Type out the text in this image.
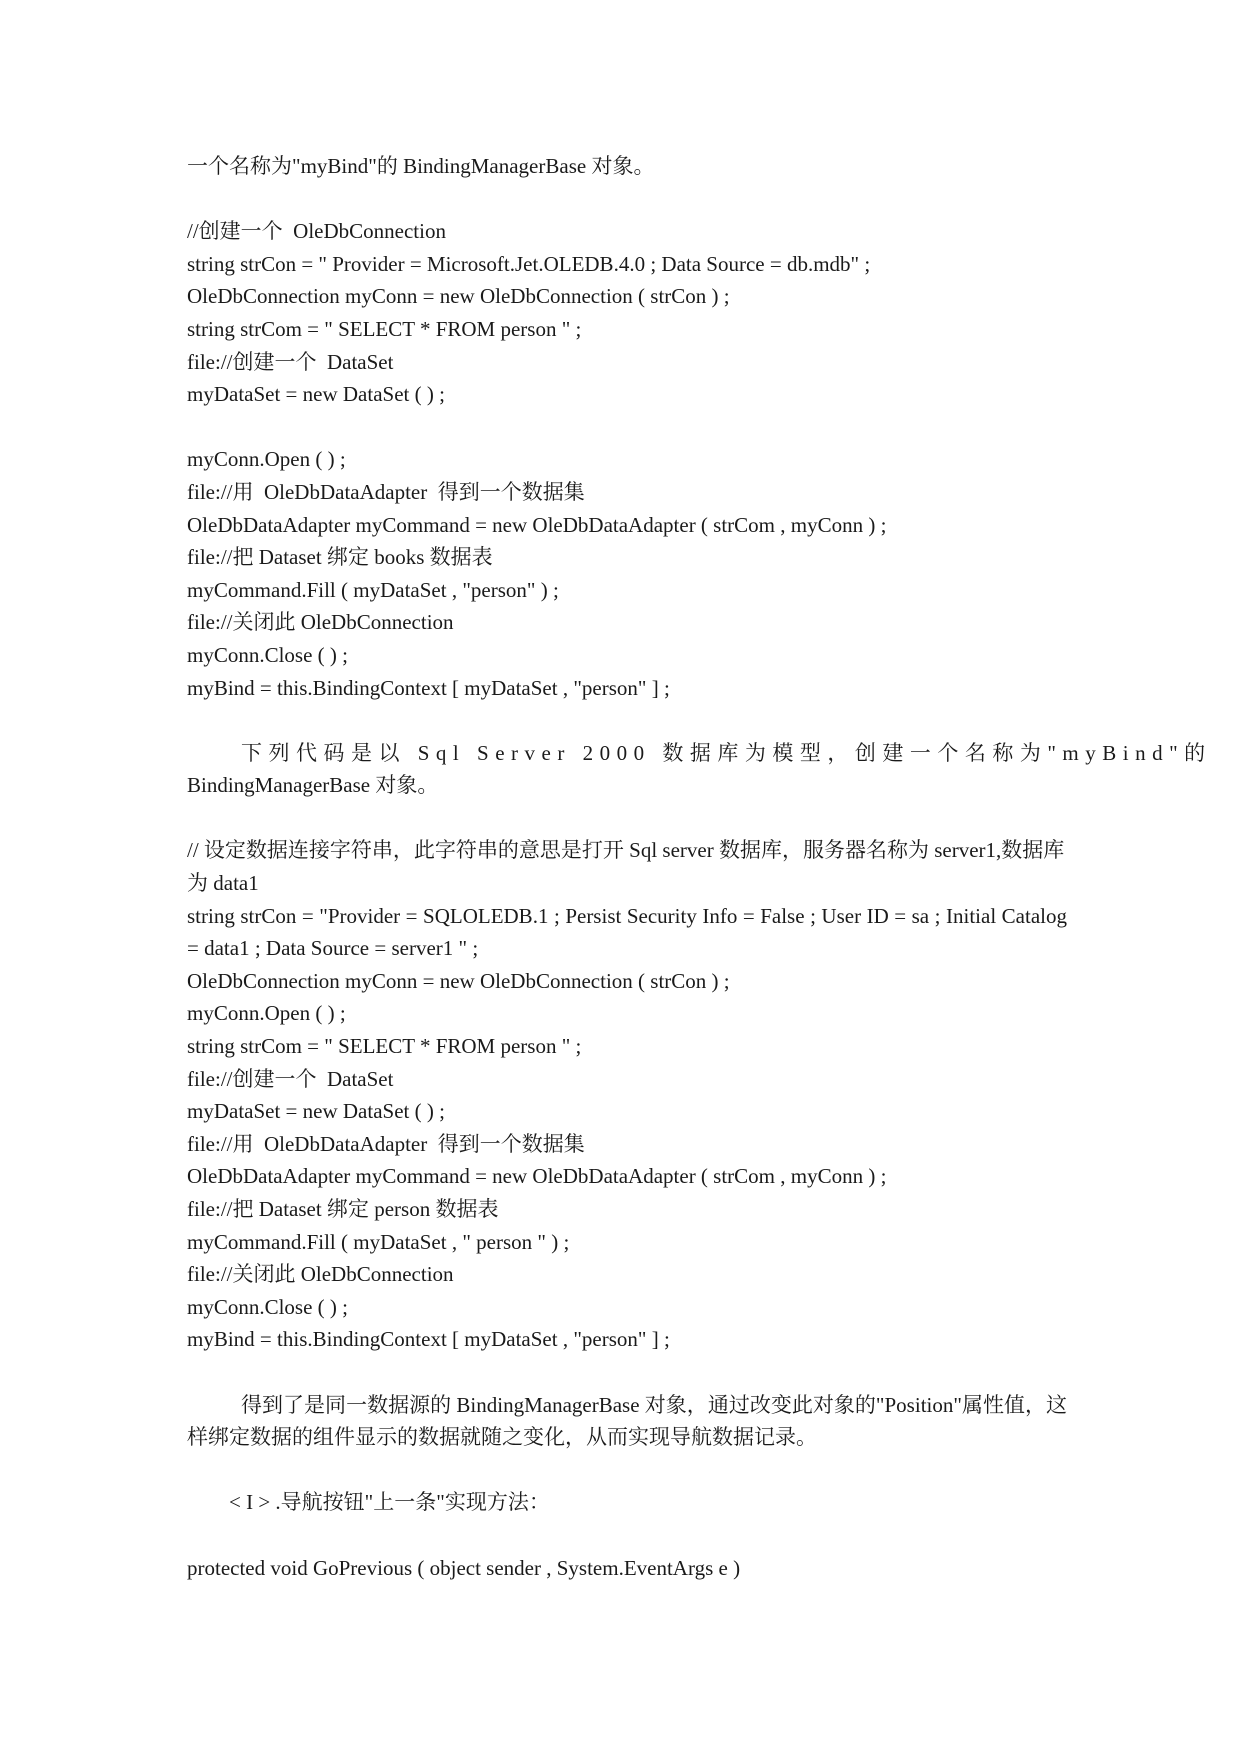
一个名称为"myBind"的 BindingManagerBase 对象。
//创建一个  OleDbConnection
string strCon = " Provider = Microsoft.Jet.OLEDB.4.0 ; Data Source = db.mdb" ;
OleDbConnection myConn = new OleDbConnection ( strCon ) ;
string strCom = " SELECT * FROM person " ;
file://创建一个  DataSet
myDataSet = new DataSet ( ) ;
myConn.Open ( ) ;
file://用  OleDbDataAdapter  得到一个数据集
OleDbDataAdapter myCommand = new OleDbDataAdapter ( strCom , myConn ) ;
file://把 Dataset 绑定 books 数据表
myCommand.Fill ( myDataSet , "person" ) ;
file://关闭此 OleDbConnection
myConn.Close ( ) ;
myBind = this.BindingContext [ myDataSet , "person" ] ;
下列代码是以 Sql Server 2000 数据库为模型，创建一个名称为"myBind"的
BindingManagerBase 对象。
// 设定数据连接字符串，此字符串的意思是打开 Sql server 数据库，服务器名称为 server1,数据库为 data1
string strCon = "Provider = SQLOLEDB.1 ; Persist Security Info = False ; User ID = sa ; Initial Catalog = data1 ; Data Source = server1 " ;
OleDbConnection myConn = new OleDbConnection ( strCon ) ;
myConn.Open ( ) ;
string strCom = " SELECT * FROM person " ;
file://创建一个  DataSet
myDataSet = new DataSet ( ) ;
file://用  OleDbDataAdapter  得到一个数据集
OleDbDataAdapter myCommand = new OleDbDataAdapter ( strCom , myConn ) ;
file://把 Dataset 绑定 person 数据表
myCommand.Fill ( myDataSet , " person " ) ;
file://关闭此 OleDbConnection
myConn.Close ( ) ;
myBind = this.BindingContext [ myDataSet , "person" ] ;
得到了是同一数据源的 BindingManagerBase 对象，通过改变此对象的"Position"属性值，这样绑定数据的组件显示的数据就随之变化，从而实现导航数据记录。
< I > .导航按钮"上一条"实现方法：
protected void GoPrevious ( object sender , System.EventArgs e )
